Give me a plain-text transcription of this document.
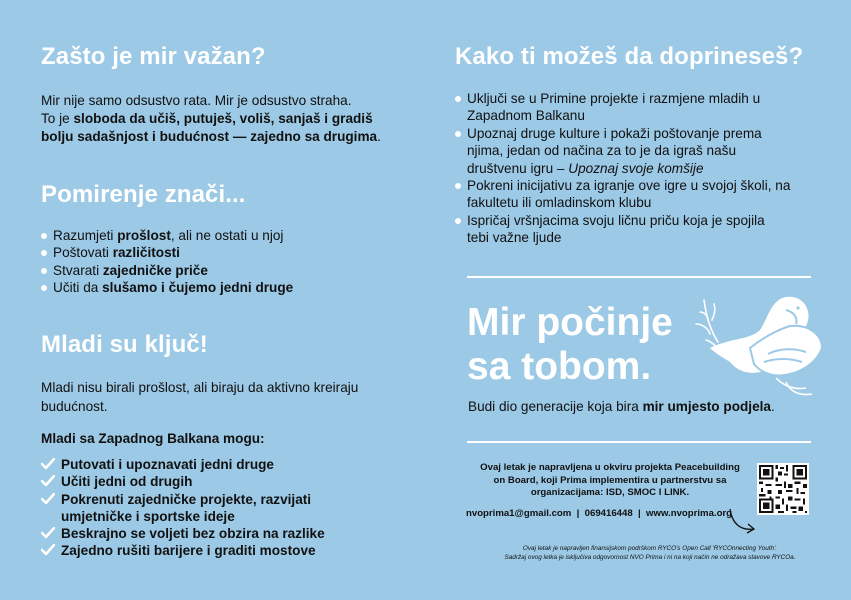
Zašto je mir važan?

Mir nije samo odsustvo rata. Mir je odsustvo straha.
To je sloboda da učiš, putuješ, voliš, sanjaš i gradiš
bolju sadašnjost i budućnost — zajedno sa drugima.

Pomirenje znači...
Razumjeti prošlost, ali ne ostati u njoj
Poštovati različitosti
Stvarati zajedničke priče
Učiti da slušamo i čujemo jedni druge
Mladi su ključ!

Mladi nisu birali prošlost, ali biraju da aktivno kreiraju
budućnost.

Mladi sa Zapadnog Balkana mogu:

Putovati i upoznavati jedni druge
Učiti jedni od drugih
Pokrenuti zajedničke projekte, razvijati
umjetničke i sportske ideje
Beskrajno se voljeti bez obzira na razlike
Zajedno rušiti barijere i graditi mostove
Kako ti možeš da doprineseš?
Uključi se u Primine projekte i razmjene mladih u
Zapadnom Balkanu
Upoznaj druge kulture i pokaži poštovanje prema
njima, jedan od načina za to je da igraš našu
društvenu igru – Upoznaj svoje komšije
Pokreni inicijativu za igranje ove igre u svojoj školi, na
fakultetu ili omladinskom klubu
Ispričaj vršnjacima svoju ličnu priču koja je spojila
tebi važne ljude
Mir počinje
sa tobom.

Budi dio generacije koja bira mir umjesto podjela.

Ovaj letak je napravljena u okviru projekta Peacebuilding
on Board, koji Prima implementira u partnerstvu sa
organizacijama: ISD, SMOC I LINK.
nvoprima1@gmail.com  |  069416448  |  www.nvoprima.org
Ovaj letak je napravljen finansijskom podrškom RYCO's Open Call 'RYCOnnecting Youth'.
Sadržaj ovog letka je isključiva odgovornost NVO Prima i ni na koji način ne odražava stavove RYCOa.
